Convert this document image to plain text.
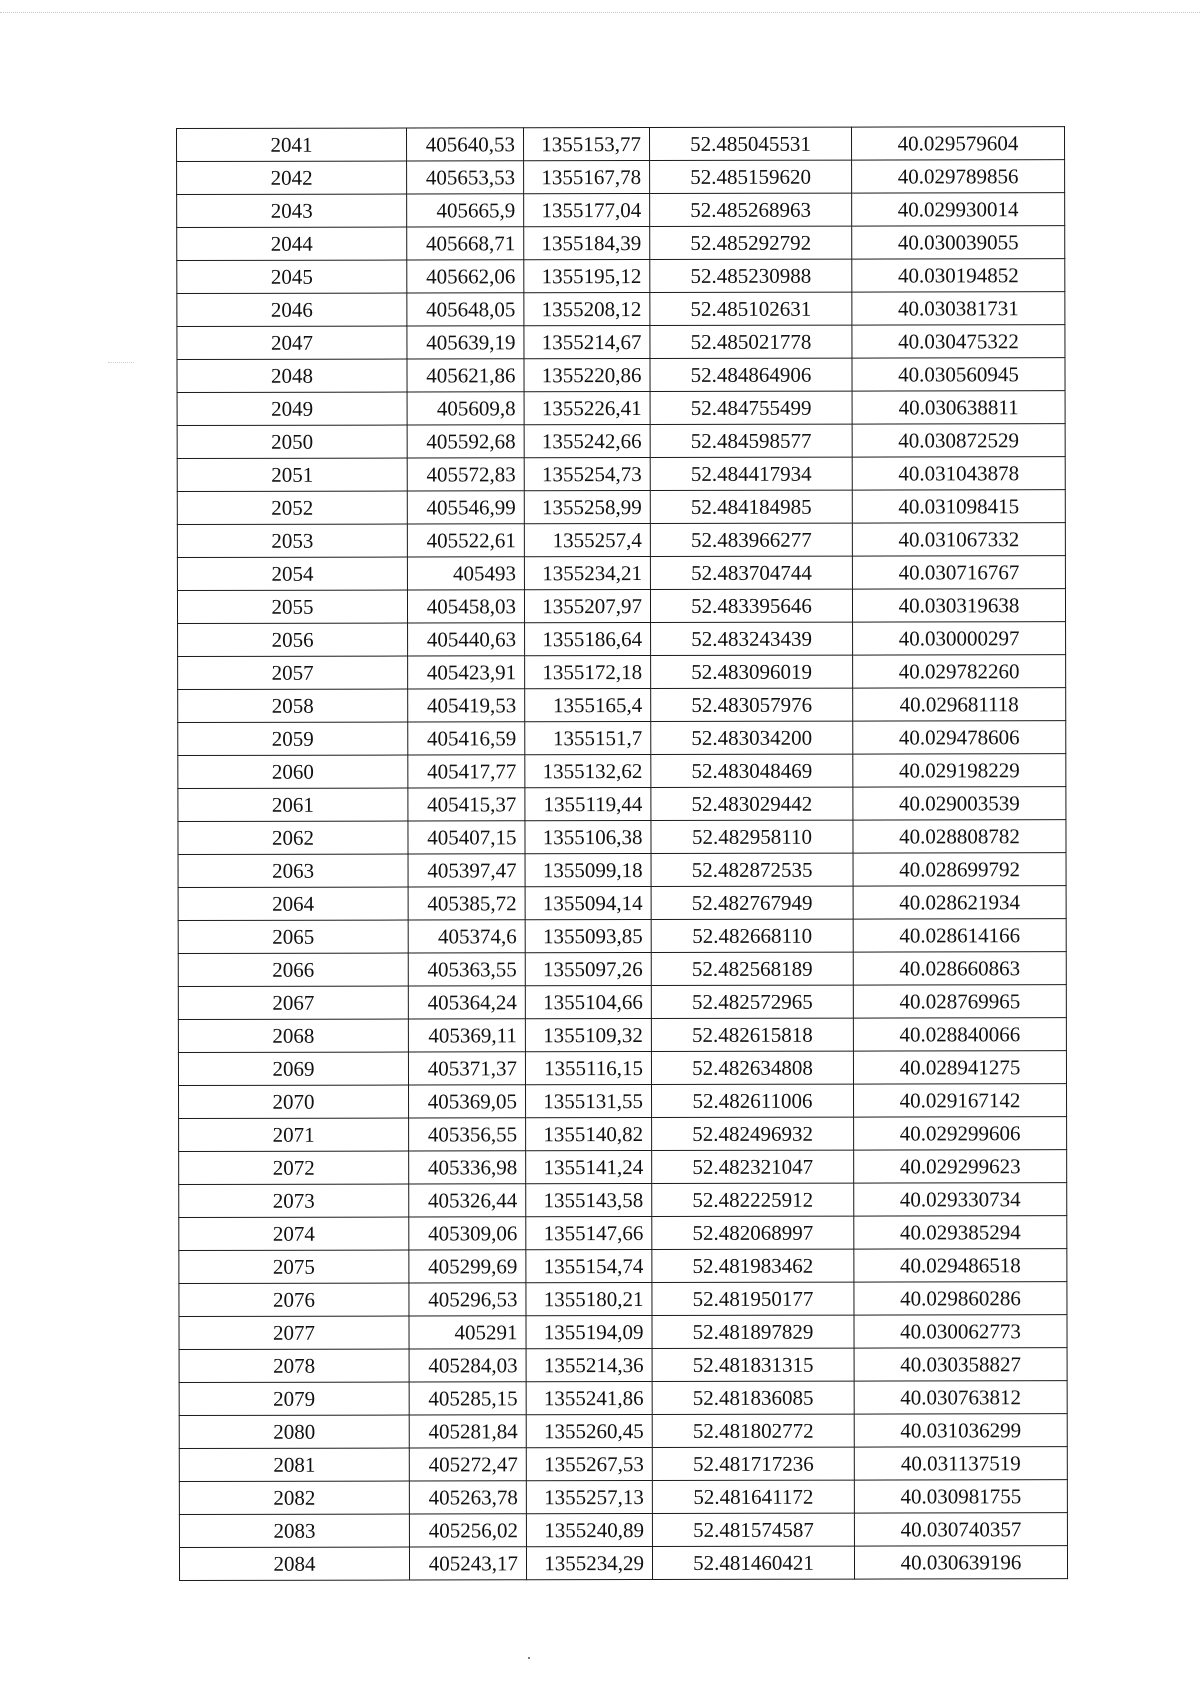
2041	405640,53	1355153,77	52.485045531	40.029579604
2042	405653,53	1355167,78	52.485159620	40.029789856
2043	405665,9	1355177,04	52.485268963	40.029930014
2044	405668,71	1355184,39	52.485292792	40.030039055
2045	405662,06	1355195,12	52.485230988	40.030194852
2046	405648,05	1355208,12	52.485102631	40.030381731
2047	405639,19	1355214,67	52.485021778	40.030475322
2048	405621,86	1355220,86	52.484864906	40.030560945
2049	405609,8	1355226,41	52.484755499	40.030638811
2050	405592,68	1355242,66	52.484598577	40.030872529
2051	405572,83	1355254,73	52.484417934	40.031043878
2052	405546,99	1355258,99	52.484184985	40.031098415
2053	405522,61	1355257,4	52.483966277	40.031067332
2054	405493	1355234,21	52.483704744	40.030716767
2055	405458,03	1355207,97	52.483395646	40.030319638
2056	405440,63	1355186,64	52.483243439	40.030000297
2057	405423,91	1355172,18	52.483096019	40.029782260
2058	405419,53	1355165,4	52.483057976	40.029681118
2059	405416,59	1355151,7	52.483034200	40.029478606
2060	405417,77	1355132,62	52.483048469	40.029198229
2061	405415,37	1355119,44	52.483029442	40.029003539
2062	405407,15	1355106,38	52.482958110	40.028808782
2063	405397,47	1355099,18	52.482872535	40.028699792
2064	405385,72	1355094,14	52.482767949	40.028621934
2065	405374,6	1355093,85	52.482668110	40.028614166
2066	405363,55	1355097,26	52.482568189	40.028660863
2067	405364,24	1355104,66	52.482572965	40.028769965
2068	405369,11	1355109,32	52.482615818	40.028840066
2069	405371,37	1355116,15	52.482634808	40.028941275
2070	405369,05	1355131,55	52.482611006	40.029167142
2071	405356,55	1355140,82	52.482496932	40.029299606
2072	405336,98	1355141,24	52.482321047	40.029299623
2073	405326,44	1355143,58	52.482225912	40.029330734
2074	405309,06	1355147,66	52.482068997	40.029385294
2075	405299,69	1355154,74	52.481983462	40.029486518
2076	405296,53	1355180,21	52.481950177	40.029860286
2077	405291	1355194,09	52.481897829	40.030062773
2078	405284,03	1355214,36	52.481831315	40.030358827
2079	405285,15	1355241,86	52.481836085	40.030763812
2080	405281,84	1355260,45	52.481802772	40.031036299
2081	405272,47	1355267,53	52.481717236	40.031137519
2082	405263,78	1355257,13	52.481641172	40.030981755
2083	405256,02	1355240,89	52.481574587	40.030740357
2084	405243,17	1355234,29	52.481460421	40.030639196
